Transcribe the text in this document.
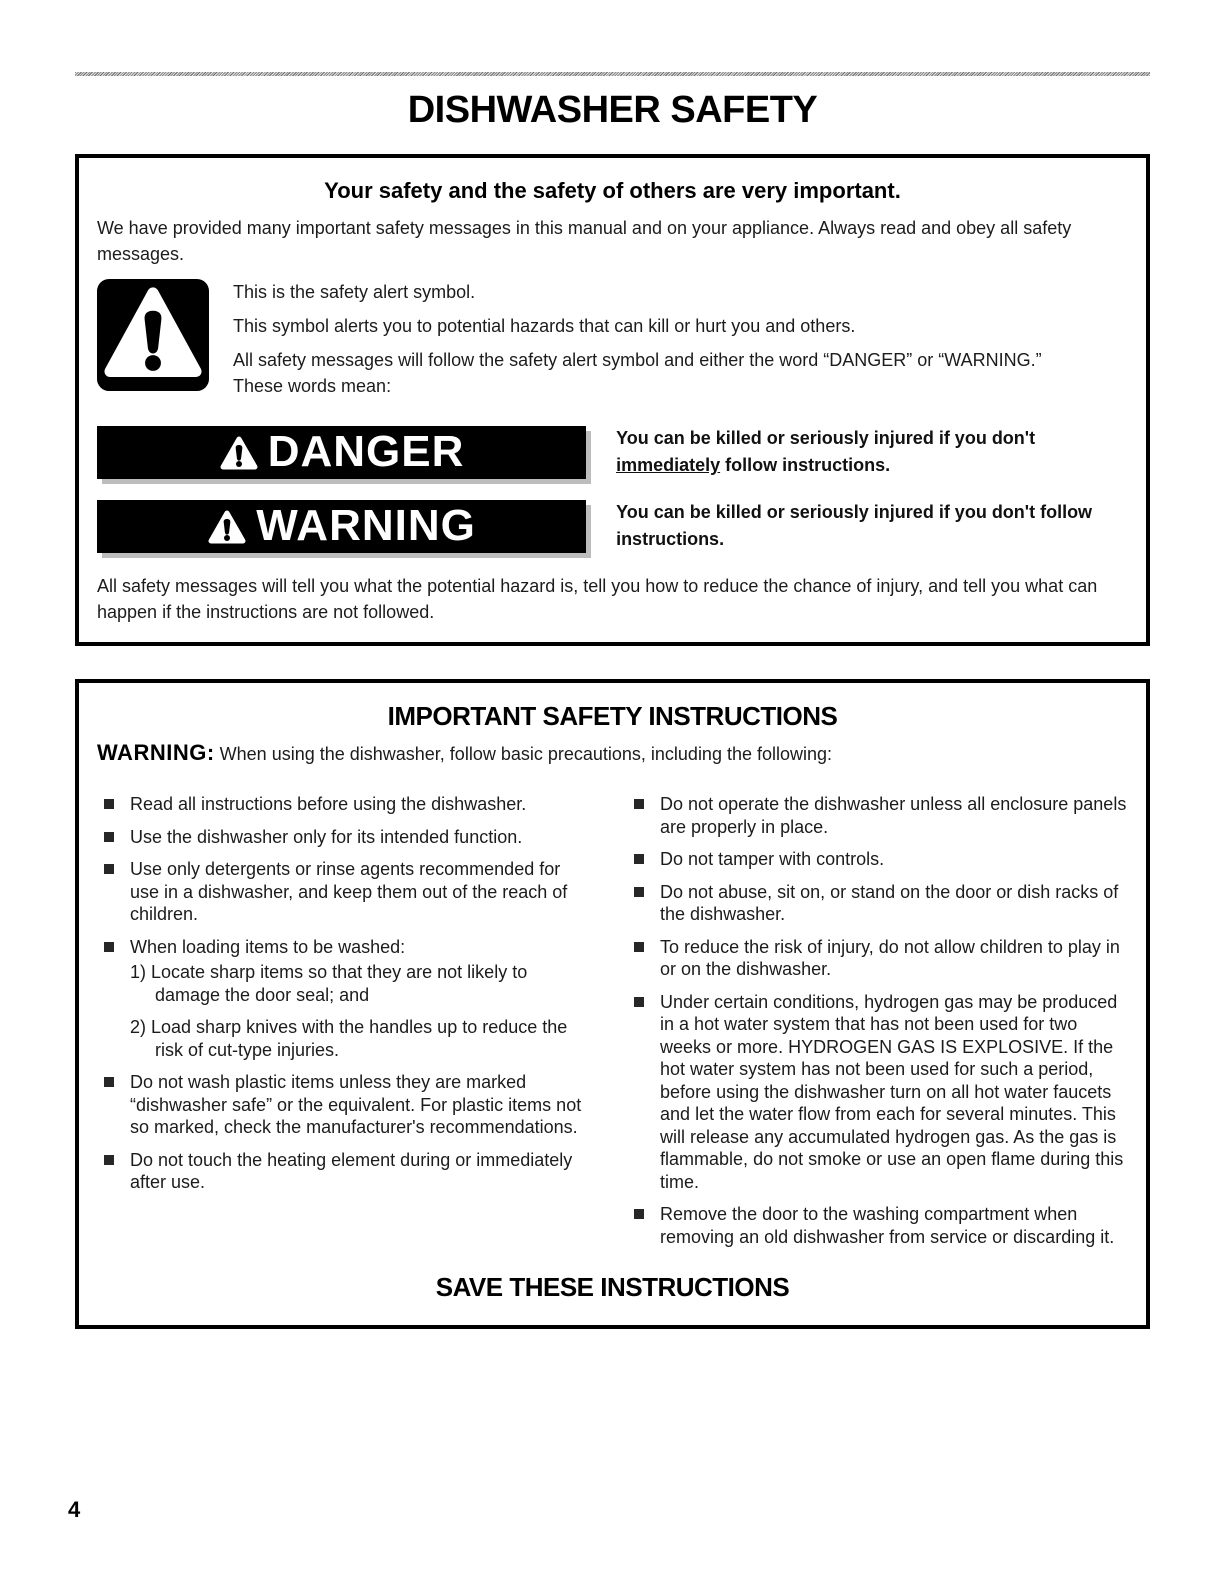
DISHWASHER SAFETY
Your safety and the safety of others are very important.

We have provided many important safety messages in this manual and on your appliance. Always read and obey all safety messages.

This is the safety alert symbol.

This symbol alerts you to potential hazards that can kill or hurt you and others.

All safety messages will follow the safety alert symbol and either the word “DANGER” or “WARNING.” These words mean:

DANGER	You can be killed or seriously injured if you don't immediately follow instructions.

WARNING	You can be killed or seriously injured if you don't follow instructions.

All safety messages will tell you what the potential hazard is, tell you how to reduce the chance of injury, and tell you what can happen if the instructions are not followed.

IMPORTANT SAFETY INSTRUCTIONS

WARNING: When using the dishwasher, follow basic precautions, including the following:

Read all instructions before using the dishwasher.
Use the dishwasher only for its intended function.
Use only detergents or rinse agents recommended for use in a dishwasher, and keep them out of the reach of children.
When loading items to be washed:
1) Locate sharp items so that they are not likely to damage the door seal; and
2) Load sharp knives with the handles up to reduce the risk of cut-type injuries.
Do not wash plastic items unless they are marked “dishwasher safe” or the equivalent. For plastic items not so marked, check the manufacturer's recommendations.
Do not touch the heating element during or immediately after use.
Do not operate the dishwasher unless all enclosure panels are properly in place.
Do not tamper with controls.
Do not abuse, sit on, or stand on the door or dish racks of the dishwasher.
To reduce the risk of injury, do not allow children to play in or on the dishwasher.
Under certain conditions, hydrogen gas may be produced in a hot water system that has not been used for two weeks or more. HYDROGEN GAS IS EXPLOSIVE. If the hot water system has not been used for such a period, before using the dishwasher turn on all hot water faucets and let the water flow from each for several minutes. This will release any accumulated hydrogen gas. As the gas is flammable, do not smoke or use an open flame during this time.
Remove the door to the washing compartment when removing an old dishwasher from service or discarding it.

SAVE THESE INSTRUCTIONS

4
